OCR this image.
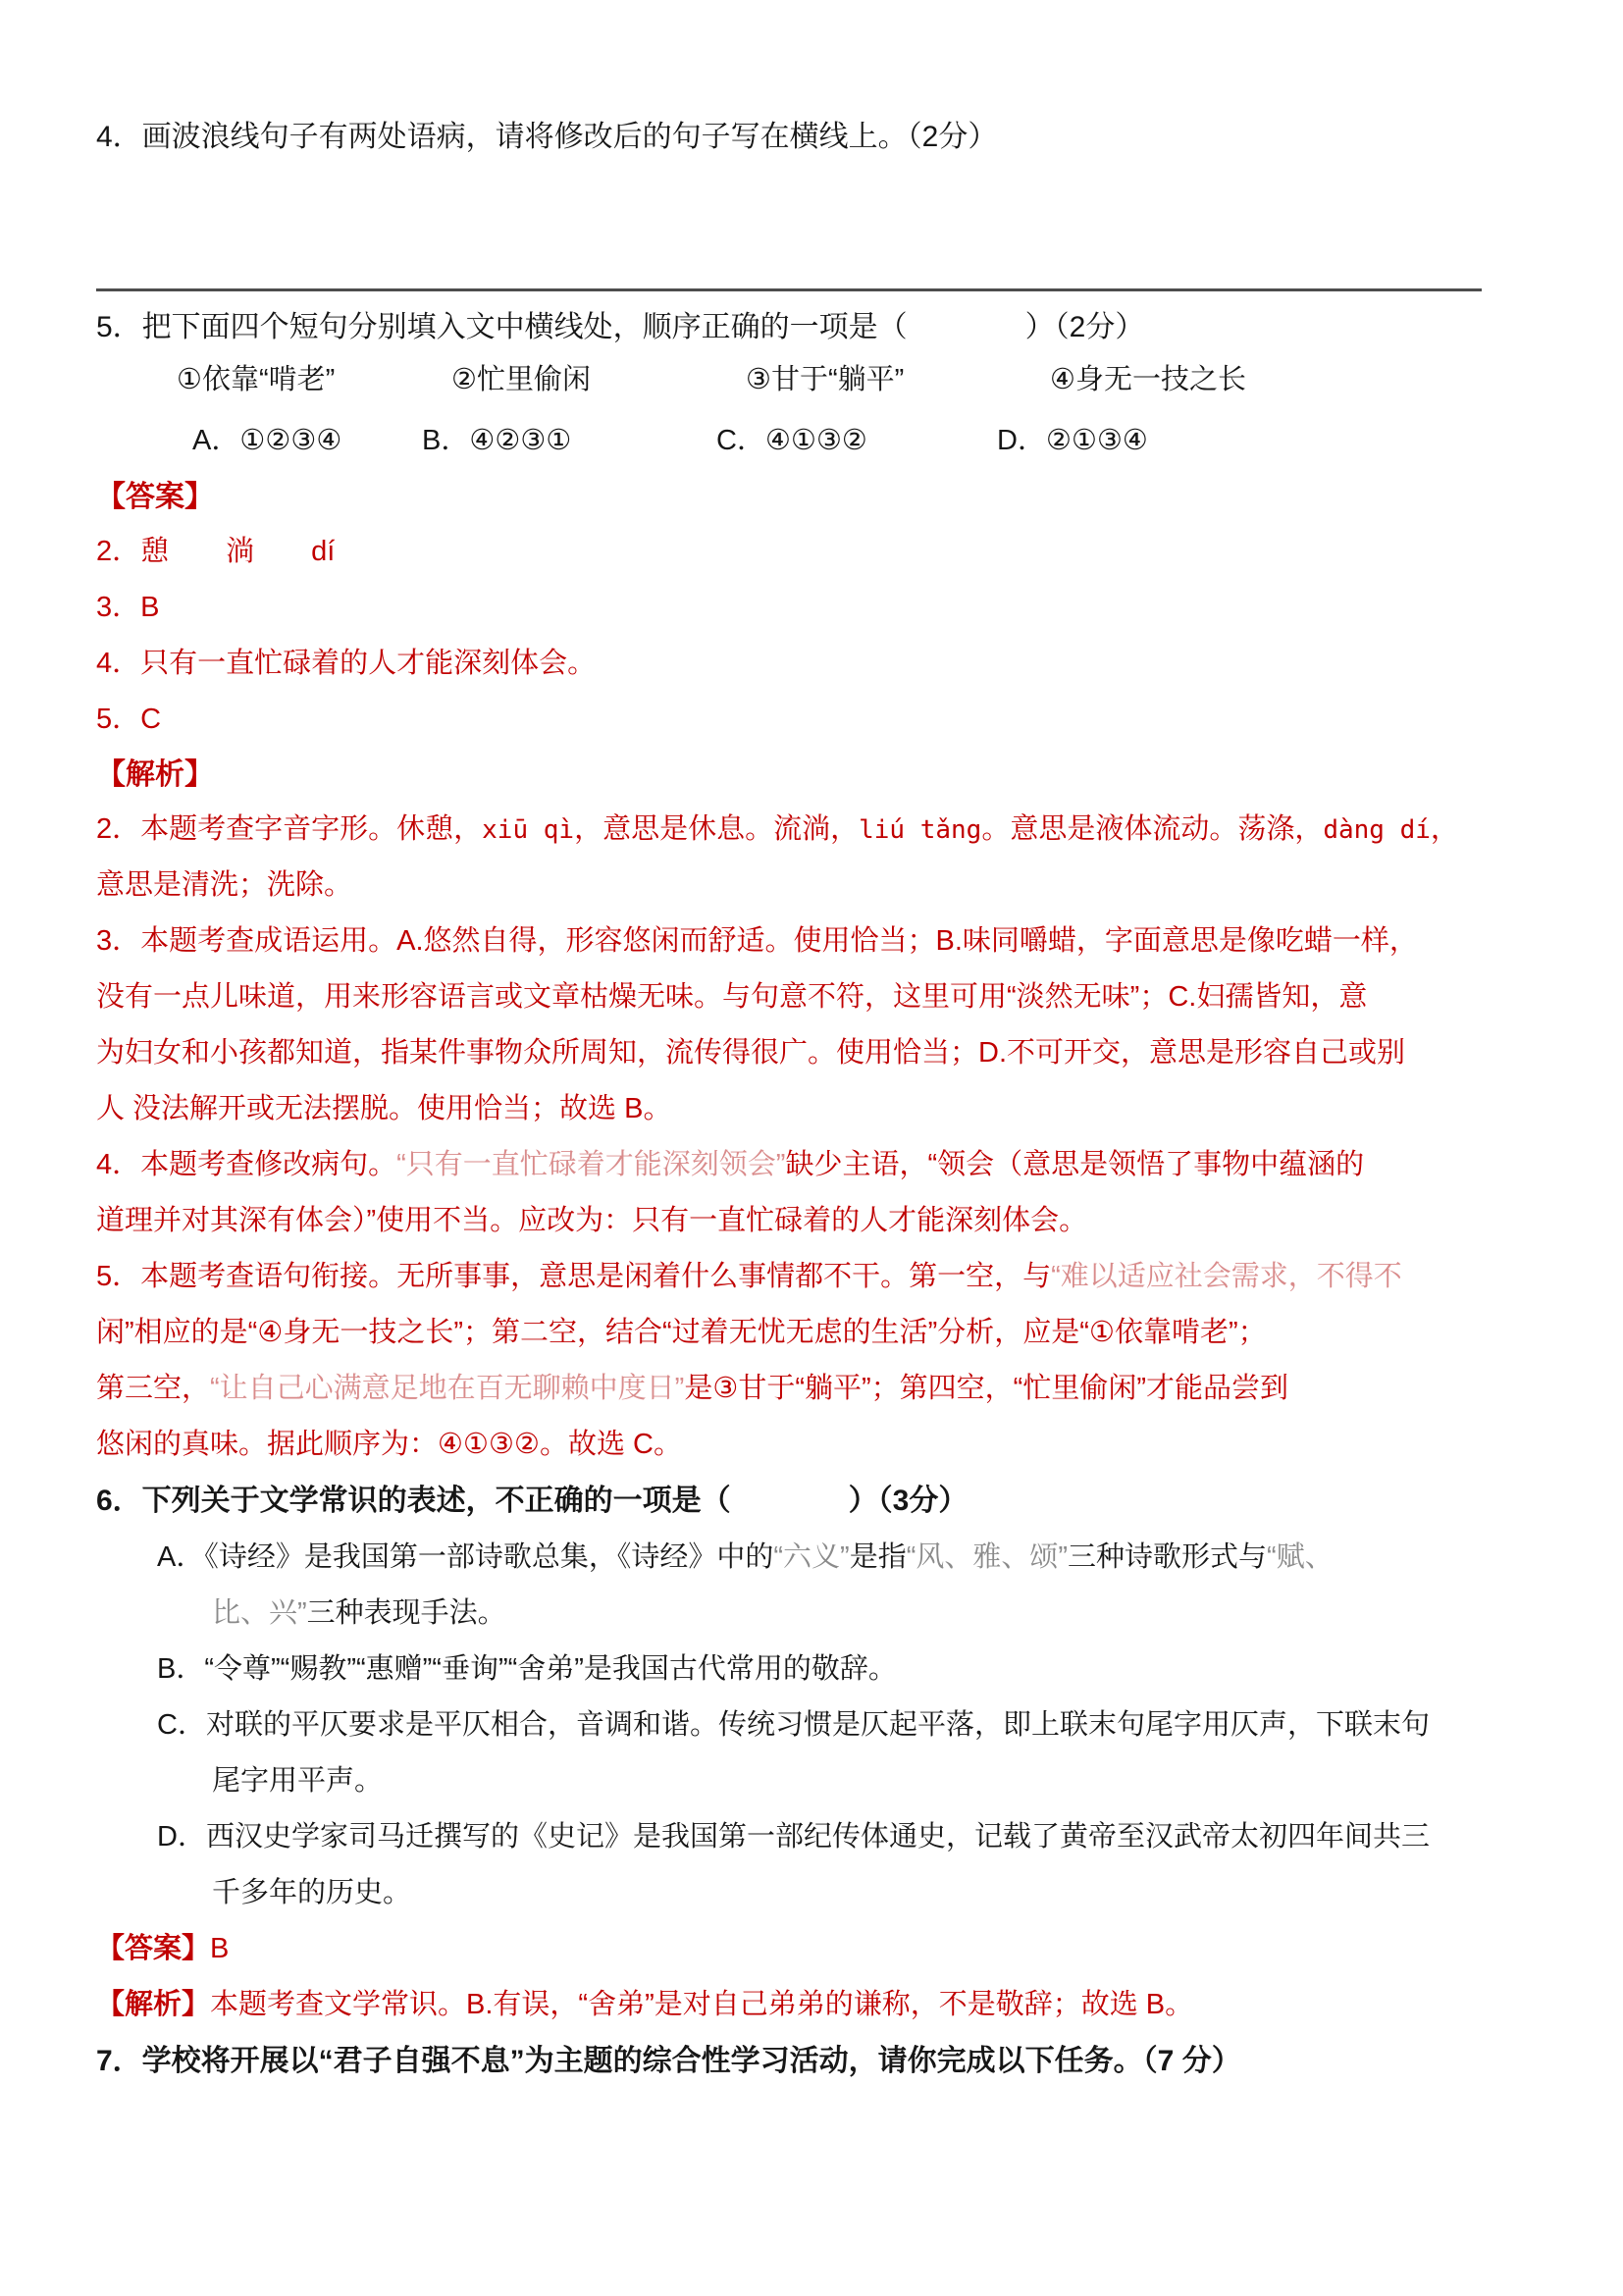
4．画波浪线句子有两处语病，请将修改后的句子写在横线上。（2分）
5．把下面四个短句分别填入文中横线处，顺序正确的一项是（　　　　）（2分）
①依靠“啃老”	②忙里偷闲	③甘于“躺平”	④身无一技之长
A．①②③④	B．④②③①	C．④①③②	D．②①③④
【答案】
2．憩　　淌　　dí
3．B
4．只有一直忙碌着的人才能深刻体会。
5．C
【解析】
2．本题考查字音字形。休憩，xiū qì，意思是休息。流淌，liú tǎng。意思是液体流动。荡涤，dàng dí，
意思是清洗；洗除。
3．本题考查成语运用。A.悠然自得，形容悠闲而舒适。使用恰当；B.味同嚼蜡，字面意思是像吃蜡一样，
没有一点儿味道，用来形容语言或文章枯燥无味。与句意不符，这里可用“淡然无味”；C.妇孺皆知，意
为妇女和小孩都知道，指某件事物众所周知，流传得很广。使用恰当；D.不可开交，意思是形容自己或别
人 没法解开或无法摆脱。使用恰当；故选 B。
4．本题考查修改病句。“只有一直忙碌着才能深刻领会”缺少主语，“领会（意思是领悟了事物中蕴涵的
道理并对其深有体会）”使用不当。应改为：只有一直忙碌着的人才能深刻体会。
5．本题考查语句衔接。无所事事，意思是闲着什么事情都不干。第一空，与“难以适应社会需求，不得不
闲”相应的是“④身无一技之长”；第二空，结合“过着无忧无虑的生活”分析，应是“①依靠啃老”；
第三空，“让自己心满意足地在百无聊赖中度日”是③甘于“躺平”；第四空，“忙里偷闲”才能品尝到
悠闲的真味。据此顺序为：④①③②。故选 C。
6．下列关于文学常识的表述，不正确的一项是（　　　　）（3分）
A．《诗经》是我国第一部诗歌总集，《诗经》中的“六义”是指“风、雅、颂”三种诗歌形式与“赋、
比、兴”三种表现手法。
B．“令尊”“赐教”“惠赠”“垂询”“舍弟”是我国古代常用的敬辞。
C．对联的平仄要求是平仄相合，音调和谐。传统习惯是仄起平落，即上联末句尾字用仄声，下联末句
尾字用平声。
D．西汉史学家司马迁撰写的《史记》是我国第一部纪传体通史，记载了黄帝至汉武帝太初四年间共三
千多年的历史。
【答案】B
【解析】本题考查文学常识。B.有误，“舍弟”是对自己弟弟的谦称，不是敬辞；故选 B。
7．学校将开展以“君子自强不息”为主题的综合性学习活动，请你完成以下任务。（7 分）
